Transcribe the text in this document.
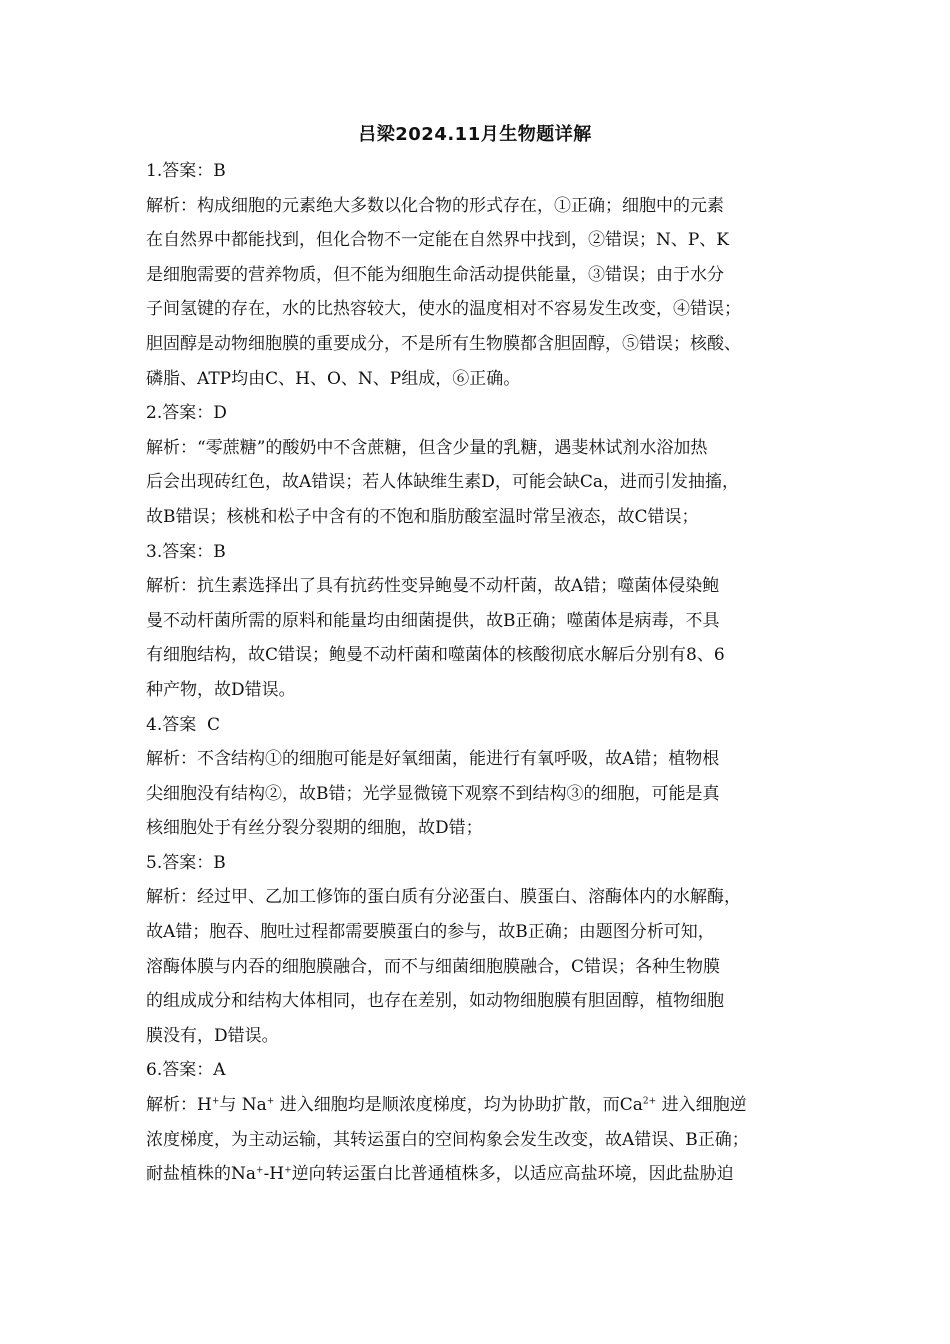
吕梁2024.11月生物题详解
1.答案：B
解析：构成细胞的元素绝大多数以化合物的形式存在，①正确；细胞中的元素
在自然界中都能找到，但化合物不一定能在自然界中找到，②错误；N、P、K
是细胞需要的营养物质，但不能为细胞生命活动提供能量，③错误；由于水分
子间氢键的存在，水的比热容较大，使水的温度相对不容易发生改变，④错误；
胆固醇是动物细胞膜的重要成分，不是所有生物膜都含胆固醇，⑤错误；核酸、
磷脂、ATP均由C、H、O、N、P组成，⑥正确。
2.答案：D
解析：“零蔗糖”的酸奶中不含蔗糖，但含少量的乳糖，遇斐林试剂水浴加热
后会出现砖红色，故A错误；若人体缺维生素D，可能会缺Ca，进而引发抽搐，
故B错误；核桃和松子中含有的不饱和脂肪酸室温时常呈液态，故C错误；
3.答案：B
解析：抗生素选择出了具有抗药性变异鲍曼不动杆菌，故A错；噬菌体侵染鲍
曼不动杆菌所需的原料和能量均由细菌提供，故B正确；噬菌体是病毒，不具
有细胞结构，故C错误；鲍曼不动杆菌和噬菌体的核酸彻底水解后分别有8、6
种产物，故D错误。
4.答案  C
解析：不含结构①的细胞可能是好氧细菌，能进行有氧呼吸，故A错；植物根
尖细胞没有结构②，故B错；光学显微镜下观察不到结构③的细胞，可能是真
核细胞处于有丝分裂分裂期的细胞，故D错；
5.答案：B
解析：经过甲、乙加工修饰的蛋白质有分泌蛋白、膜蛋白、溶酶体内的水解酶，
故A错；胞吞、胞吐过程都需要膜蛋白的参与，故B正确；由题图分析可知，
溶酶体膜与内吞的细胞膜融合，而不与细菌细胞膜融合，C错误；各种生物膜
的组成成分和结构大体相同，也存在差别，如动物细胞膜有胆固醇，植物细胞
膜没有，D错误。
6.答案：A
解析：H+与 Na+ 进入细胞均是顺浓度梯度，均为协助扩散，而$Ca^{2+}$ 进入细胞逆
浓度梯度，为主动运输，其转运蛋白的空间构象会发生改变，故A错误、B正确；
耐盐植株的Na+-H+逆向转运蛋白比普通植株多，以适应高盐环境，因此盐胁迫
